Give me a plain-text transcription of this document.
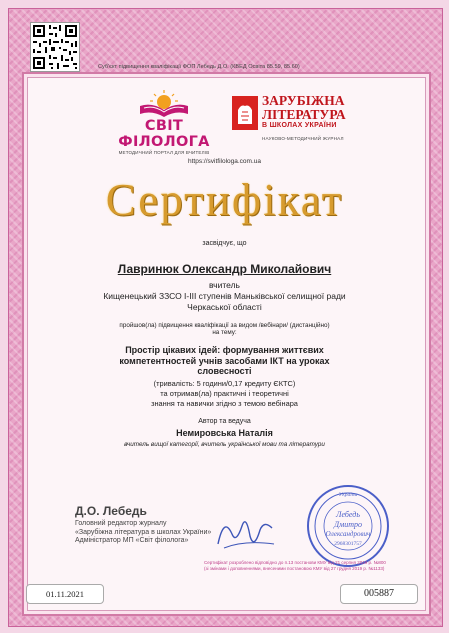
Суб'єкт підвищення кваліфікації ФОП Лебедь Д.О. (КВЕД Освіта 85.59, 85.60)
СВІТ ФІЛОЛОГА
МЕТОДИЧНИЙ ПОРТАЛ ДЛЯ ВЧИТЕЛІВ
ЗАРУБІЖНА
ЛІТЕРАТУРА
В ШКОЛАХ УКРАЇНИ
НАУКОВО-МЕТОДИЧНИЙ ЖУРНАЛ
https://svitfilologa.com.ua
Сертифікат
засвідчує, що
Лавринюк Олександр Миколайович
вчитель
Кищенецький ЗЗСО І-ІІІ ступенів Маньківської селищної ради
Черкаської області
пройшов(ла) підвищення кваліфікації за видом /вебінари/ (дистанційно)
на тему:
Простір цікавих ідей: формування життєвих
компетентностей учнів засобами ІКТ на уроках
словесності
(тривалість: 5 години/0,17 кредиту ЄКТС)
та отримав(ла) практичні і теоретичні
знання та навички згідно з темою вебінара
Автор та ведуча
Немировська Наталія
вчитель вищої категорії, вчитель української мови та літератури
Д.О. Лебедь
Головний редактор журналу
«Зарубіжна література в школах України»
Адміністратор МП «Світ філолога»
Україна
Лебедь
Дмитро
Олександрович
2968301757
Сертифікат розроблено відповідно до п.13 постанови КМУ від 21 серпня 2019 р. №800
(зі змінами і доповненнями, внесеними постановою КМУ від 27 грудня 2019 р. №1133)
01.11.2021	005887
